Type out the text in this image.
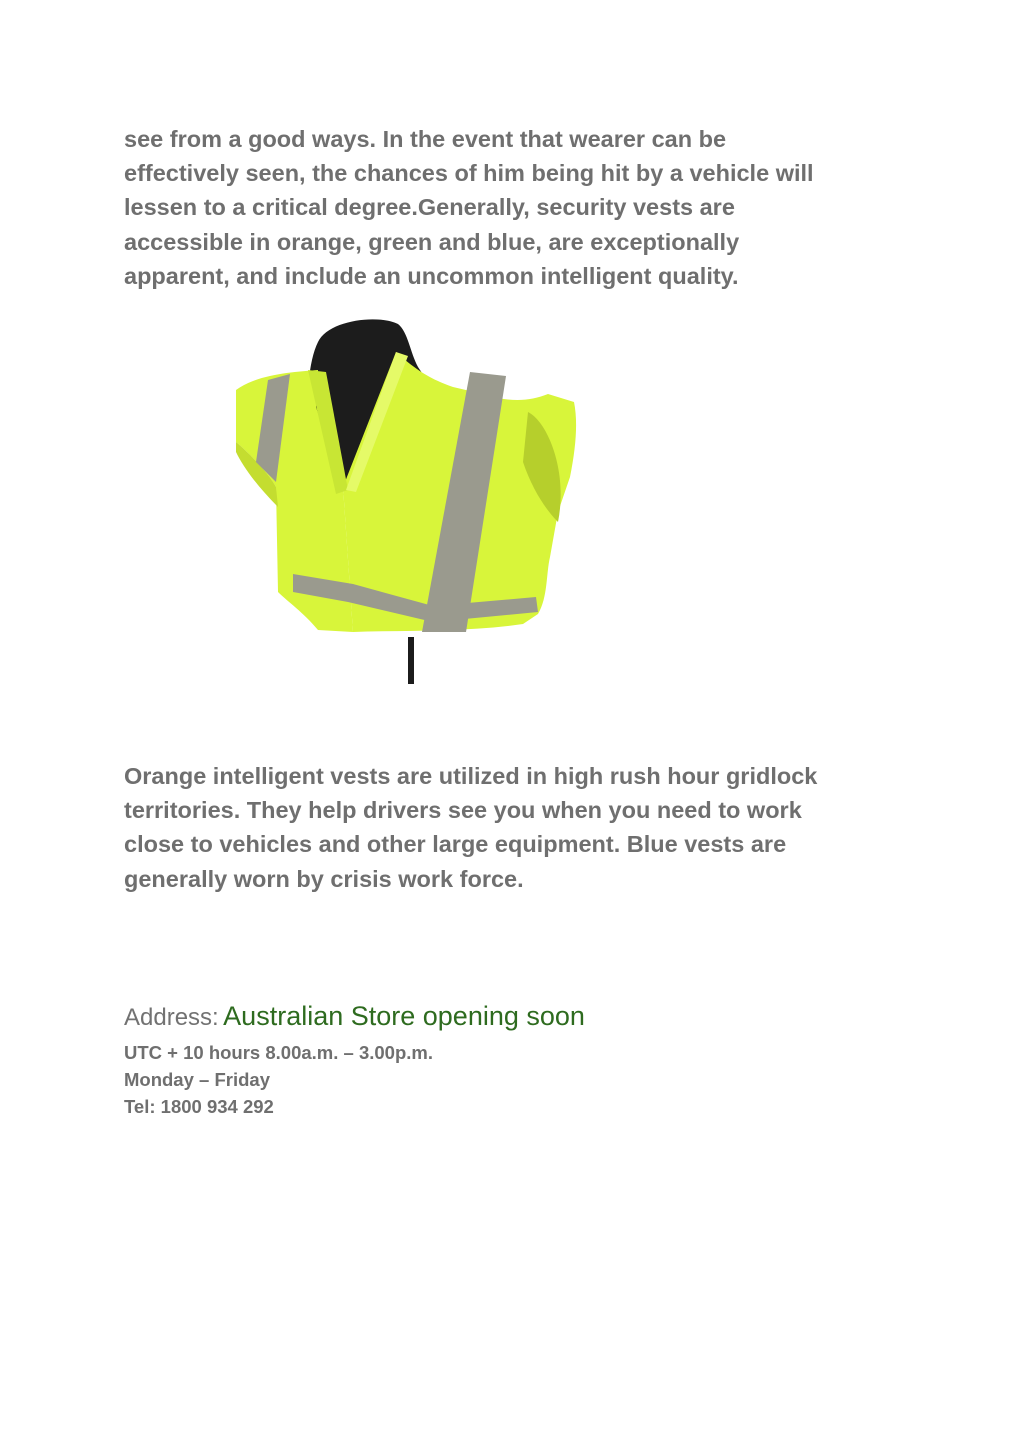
see from a good ways. In the event that wearer can be
effectively seen, the chances of him being hit by a vehicle will
lessen to a critical degree.Generally, security vests are
accessible in orange, green and blue, are exceptionally
apparent, and include an uncommon intelligent quality.

Orange intelligent vests are utilized in high rush hour gridlock
territories. They help drivers see you when you need to work
close to vehicles and other large equipment. Blue vests are
generally worn by crisis work force.

Address: Australian Store opening soon
UTC + 10 hours 8.00a.m. – 3.00p.m.
Monday – Friday
Tel: 1800 934 292
